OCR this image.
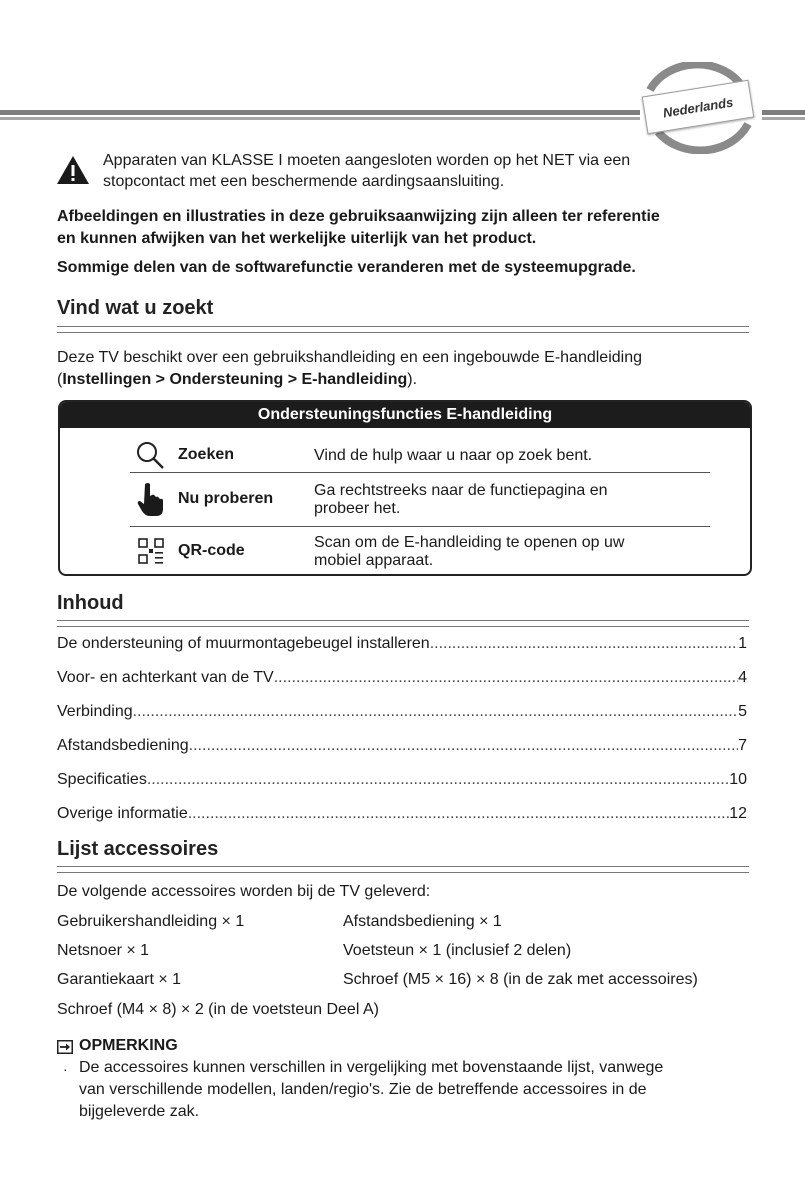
Nederlands
Apparaten van KLASSE I moeten aangesloten worden op het NET via een
stopcontact met een beschermende aardingsaansluiting.
Afbeeldingen en illustraties in deze gebruiksaanwijzing zijn alleen ter referentie
en kunnen afwijken van het werkelijke uiterlijk van het product.
Sommige delen van de softwarefunctie veranderen met de systeemupgrade.
Vind wat u zoekt
Deze TV beschikt over een gebruikshandleiding en een ingebouwde E-handleiding
(Instellingen > Ondersteuning > E-handleiding).
Ondersteuningsfuncties E-handleiding
Zoeken	Vind de hulp waar u naar op zoek bent.
Nu proberen	Ga rechtstreeks naar de functiepagina en
probeer het.
QR-code	Scan om de E-handleiding te openen op uw
mobiel apparaat.
Inhoud
De ondersteuning of muurmontagebeugel installeren .....	1
Voor- en achterkant van de TV .....	4
Verbinding .....	5
Afstandsbediening .....	7
Specificaties .....	10
Overige informatie .....	12
Lijst accessoires
De volgende accessoires worden bij de TV geleverd:
Gebruikershandleiding × 1	Afstandsbediening × 1
Netsnoer × 1	Voetsteun × 1 (inclusief 2 delen)
Garantiekaart × 1	Schroef (M5 × 16) × 8 (in de zak met accessoires)
Schroef (M4 × 8) × 2 (in de voetsteun Deel A)
OPMERKING
· De accessoires kunnen verschillen in vergelijking met bovenstaande lijst, vanwege
van verschillende modellen, landen/regio's. Zie de betreffende accessoires in de
bijgeleverde zak.
